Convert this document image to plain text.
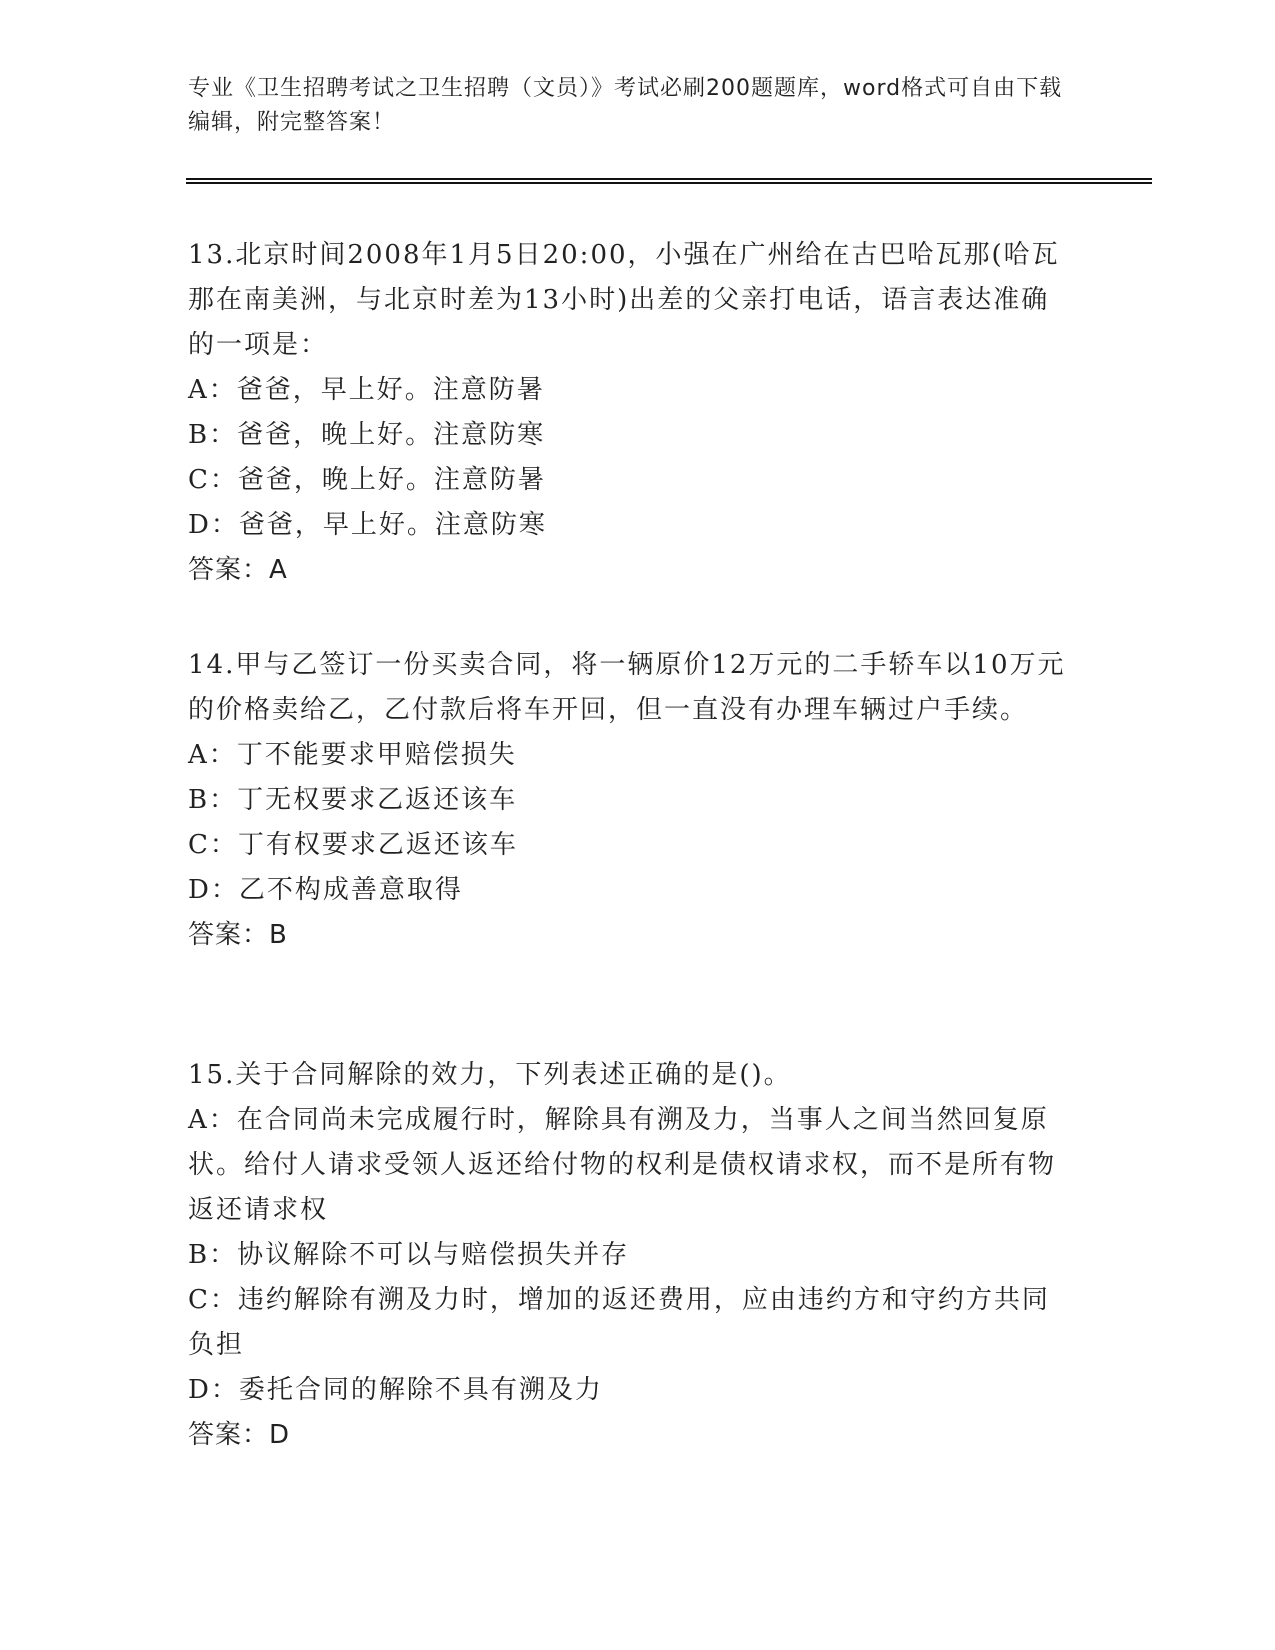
专业《卫生招聘考试之卫生招聘（文员）》考试必刷200题题库，word格式可自由下载编辑，附完整答案！

13.北京时间2008年1月5日20:00，小强在广州给在古巴哈瓦那(哈瓦那在南美洲，与北京时差为13小时)出差的父亲打电话，语言表达准确的一项是：

A：爸爸，早上好。注意防暑

B：爸爸，晚上好。注意防寒

C：爸爸，晚上好。注意防暑

D：爸爸，早上好。注意防寒

答案：A

14.甲与乙签订一份买卖合同，将一辆原价12万元的二手轿车以10万元的价格卖给乙，乙付款后将车开回，但一直没有办理车辆过户手续。

A：丁不能要求甲赔偿损失

B：丁无权要求乙返还该车

C：丁有权要求乙返还该车

D：乙不构成善意取得

答案：B

15.关于合同解除的效力，下列表述正确的是()。

A：在合同尚未完成履行时，解除具有溯及力，当事人之间当然回复原状。给付人请求受领人返还给付物的权利是债权请求权，而不是所有物返还请求权

B：协议解除不可以与赔偿损失并存

C：违约解除有溯及力时，增加的返还费用，应由违约方和守约方共同负担

D：委托合同的解除不具有溯及力

答案：D
